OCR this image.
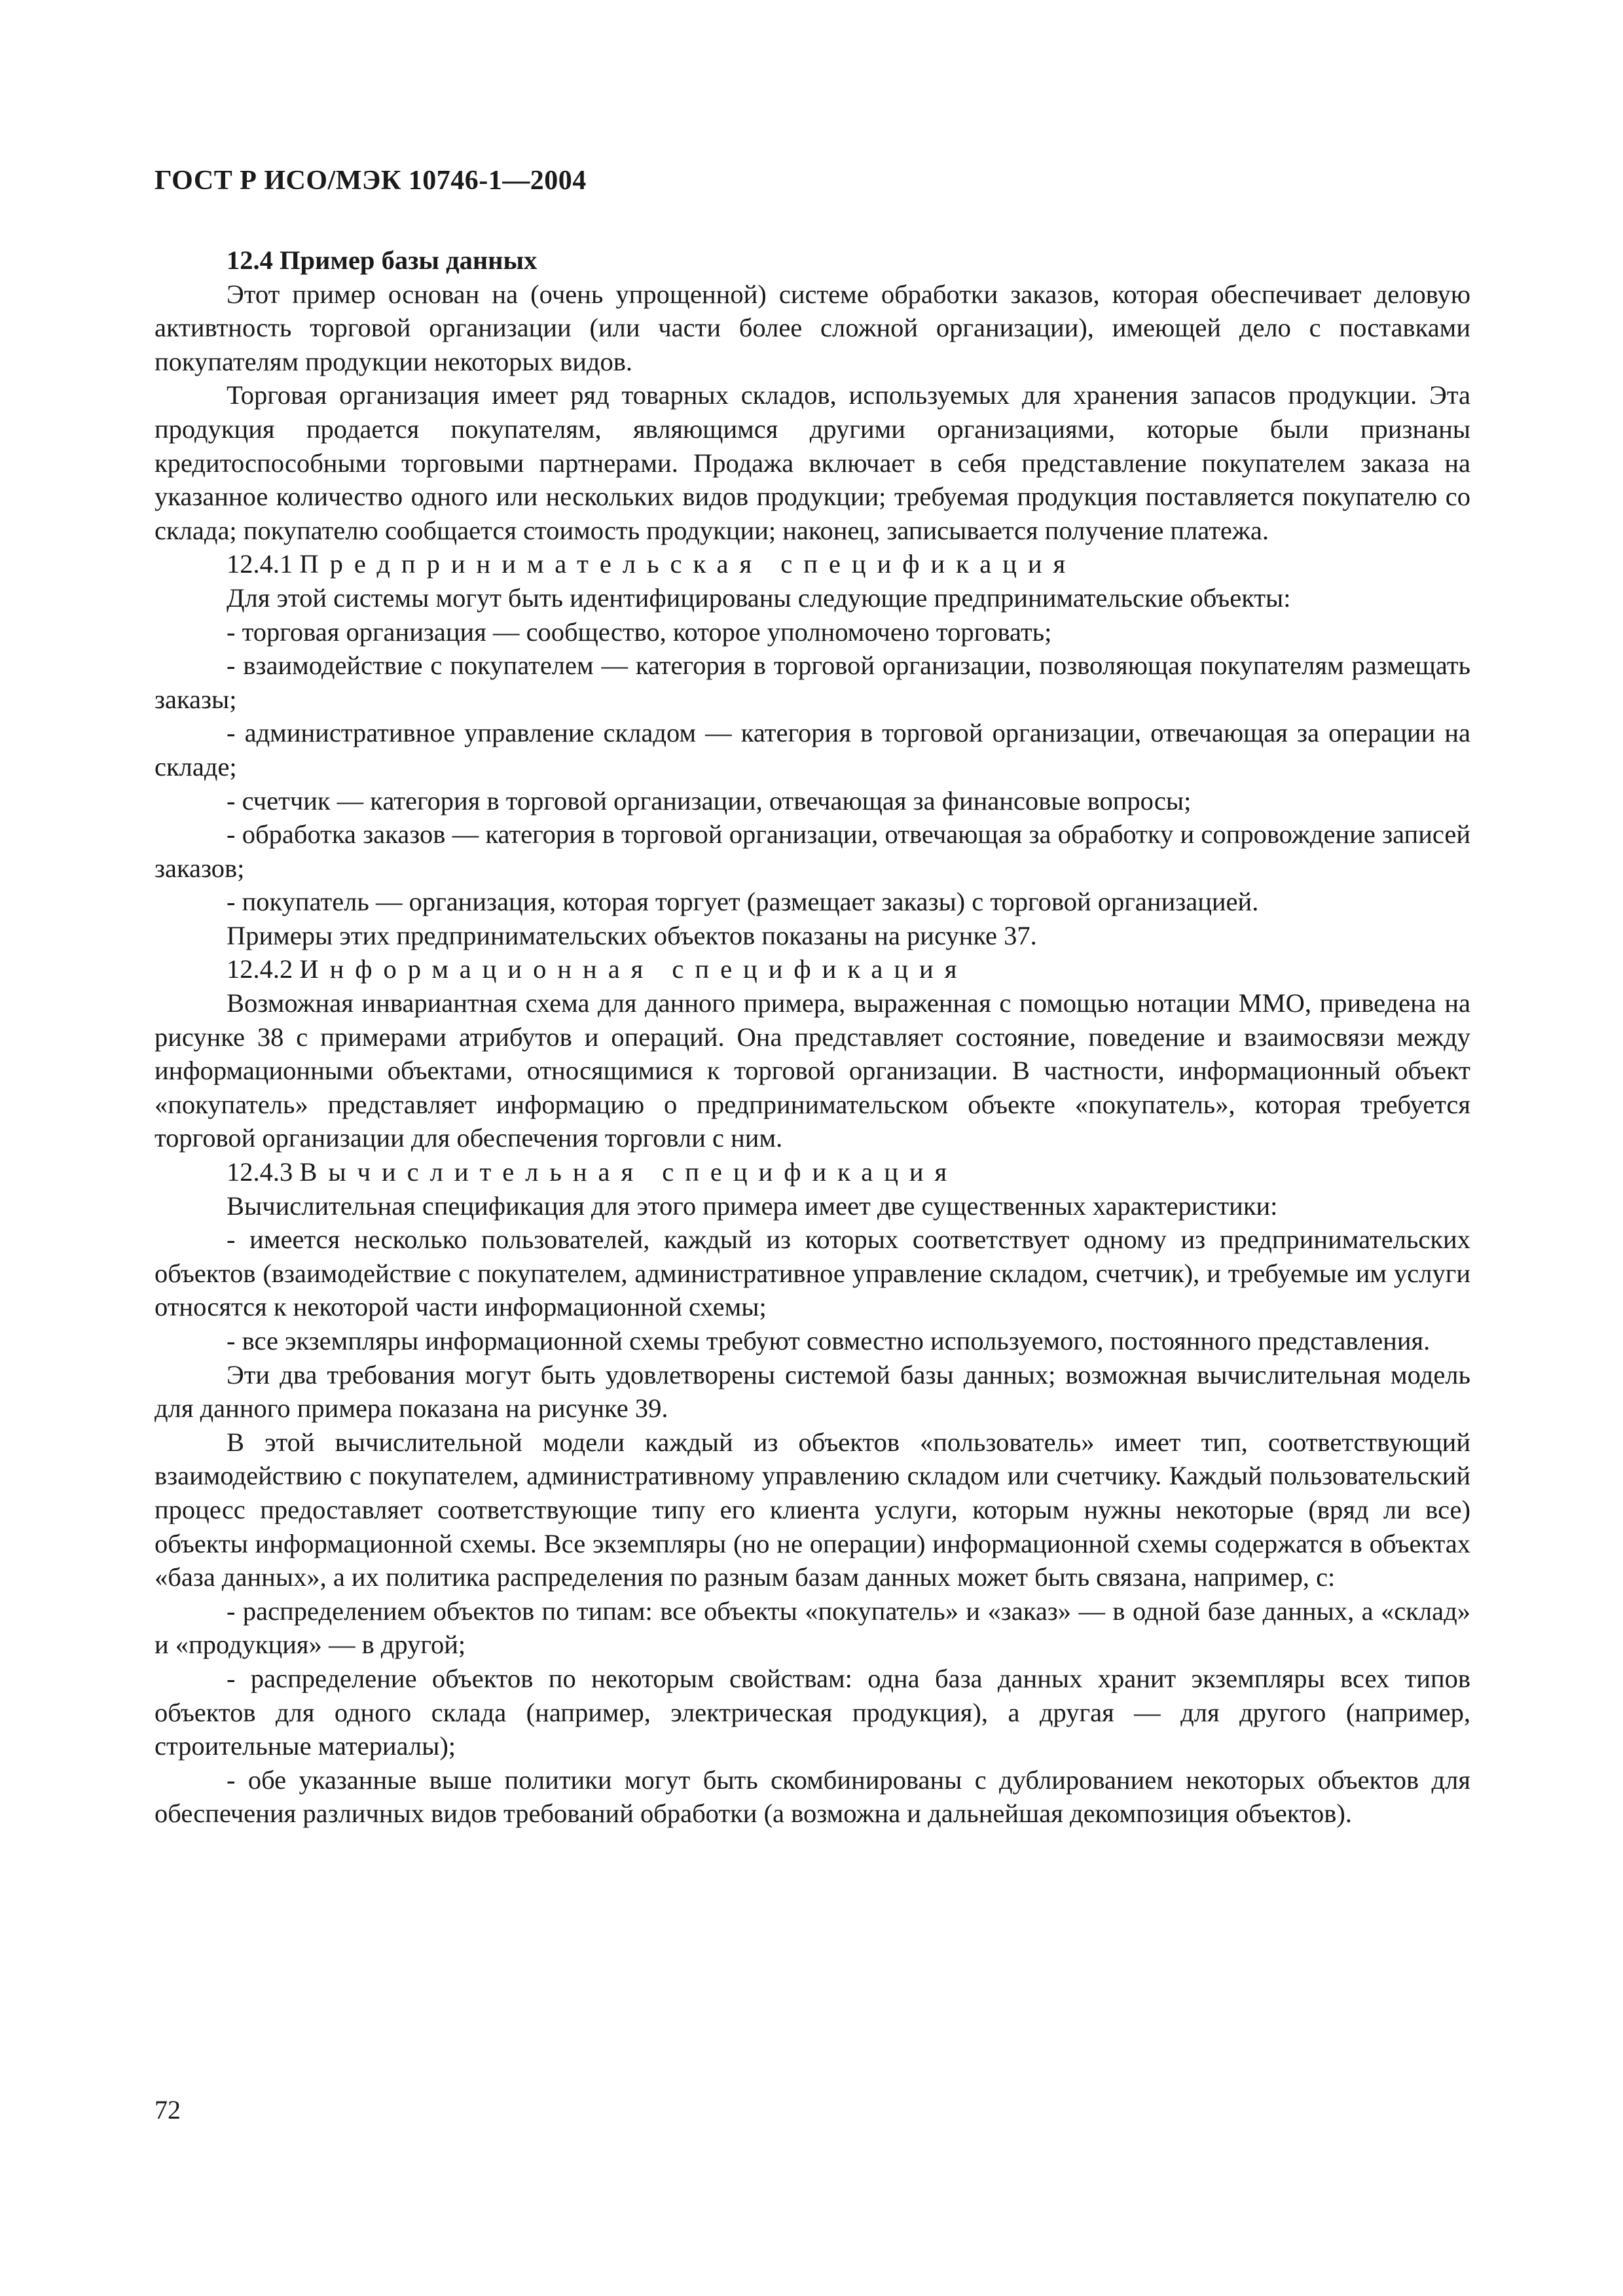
ГОСТ Р ИСО/МЭК 10746-1—2004

12.4 Пример базы данных

Этот пример основан на (очень упрощенной) системе обработки заказов, которая обеспечивает деловую активтность торговой организации (или части более сложной организации), имеющей дело с поставками покупателям продукции некоторых видов.

Торговая организация имеет ряд товарных складов, используемых для хранения запасов продукции. Эта продукция продается покупателям, являющимся другими организациями, которые были признаны кредитоспособными торговыми партнерами. Продажа включает в себя представление покупателем заказа на указанное количество одного или нескольких видов продукции; требуемая продукция поставляется покупателю со склада; покупателю сообщается стоимость продукции; наконец, записывается получение платежа.

12.4.1 Предпринимательская спецификация

Для этой системы могут быть идентифицированы следующие предпринимательские объекты:

- торговая организация — сообщество, которое уполномочено торговать;

- взаимодействие с покупателем — категория в торговой организации, позволяющая покупателям размещать заказы;

- административное управление складом — категория в торговой организации, отвечающая за операции на складе;

- счетчик — категория в торговой организации, отвечающая за финансовые вопросы;

- обработка заказов — категория в торговой организации, отвечающая за обработку и сопровождение записей заказов;

- покупатель — организация, которая торгует (размещает заказы) с торговой организацией.

Примеры этих предпринимательских объектов показаны на рисунке 37.

12.4.2 Информационная спецификация

Возможная инвариантная схема для данного примера, выраженная с помощью нотации ММО, приведена на рисунке 38 с примерами атрибутов и операций. Она представляет состояние, поведение и взаимосвязи между информационными объектами, относящимися к торговой организации. В частности, информационный объект «покупатель» представляет информацию о предпринимательском объекте «покупатель», которая требуется торговой организации для обеспечения торговли с ним.

12.4.3 Вычислительная спецификация

Вычислительная спецификация для этого примера имеет две существенных характеристики:

- имеется несколько пользователей, каждый из которых соответствует одному из предпринимательских объектов (взаимодействие с покупателем, административное управление складом, счетчик), и требуемые им услуги относятся к некоторой части информационной схемы;

- все экземпляры информационной схемы требуют совместно используемого, постоянного представления.

Эти два требования могут быть удовлетворены системой базы данных; возможная вычислительная модель для данного примера показана на рисунке 39.

В этой вычислительной модели каждый из объектов «пользователь» имеет тип, соответствующий взаимодействию с покупателем, административному управлению складом или счетчику. Каждый пользовательский процесс предоставляет соответствующие типу его клиента услуги, которым нужны некоторые (вряд ли все) объекты информационной схемы. Все экземпляры (но не операции) информационной схемы содержатся в объектах «база данных», а их политика распределения по разным базам данных может быть связана, например, с:

- распределением объектов по типам: все объекты «покупатель» и «заказ» — в одной базе данных, а «склад» и «продукция» — в другой;

- распределение объектов по некоторым свойствам: одна база данных хранит экземпляры всех типов объектов для одного склада (например, электрическая продукция), а другая — для другого (например, строительные материалы);

- обе указанные выше политики могут быть скомбинированы с дублированием некоторых объектов для обеспечения различных видов требований обработки (а возможна и дальнейшая декомпозиция объектов).

72
